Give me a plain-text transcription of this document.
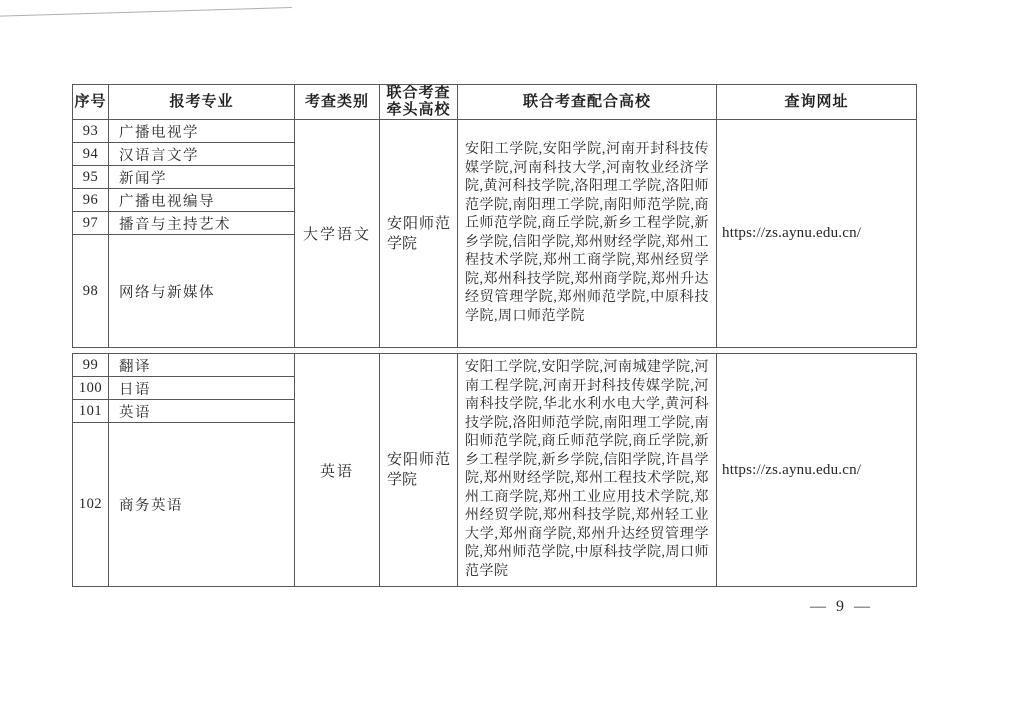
序号	报考专业	考查类别	联合考查牵头高校	联合考查配合高校	查询网址
93	广播电视学	大学语文	安阳师范学院	安阳工学院,安阳学院,河南开封科技传媒学院,河南科技大学,河南牧业经济学院,黄河科技学院,洛阳理工学院,洛阳师范学院,南阳理工学院,南阳师范学院,商丘师范学院,商丘学院,新乡工程学院,新乡学院,信阳学院,郑州财经学院,郑州工程技术学院,郑州工商学院,郑州经贸学院,郑州科技学院,郑州商学院,郑州升达经贸管理学院,郑州师范学院,中原科技学院,周口师范学院	https://zs.aynu.edu.cn/
94	汉语言文学				
95	新闻学				
96	广播电视编导				
97	播音与主持艺术				
98	网络与新媒体				
99	翻译	英语	安阳师范学院	安阳工学院,安阳学院,河南城建学院,河南工程学院,河南开封科技传媒学院,河南科技学院,华北水利水电大学,黄河科技学院,洛阳师范学院,南阳理工学院,南阳师范学院,商丘师范学院,商丘学院,新乡工程学院,新乡学院,信阳学院,许昌学院,郑州财经学院,郑州工程技术学院,郑州工商学院,郑州工业应用技术学院,郑州经贸学院,郑州科技学院,郑州轻工业大学,郑州商学院,郑州升达经贸管理学院,郑州师范学院,中原科技学院,周口师范学院	https://zs.aynu.edu.cn/
100	日语				
101	英语				
102	商务英语				
— 9 —
